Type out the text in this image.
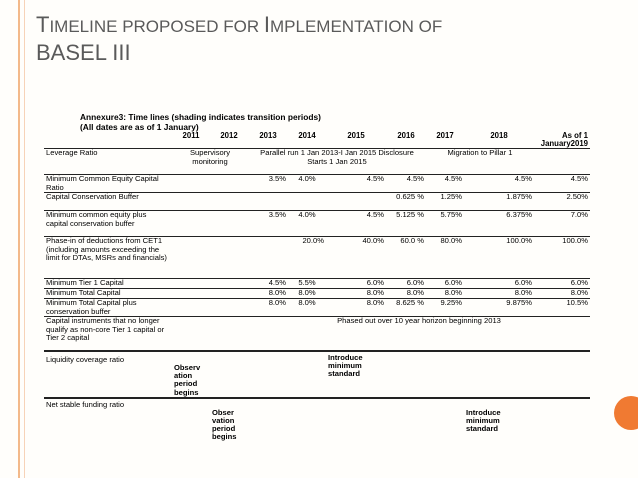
TIMELINE PROPOSED FOR IMPLEMENTATION OF
BASEL III
Annexure3: Time lines (shading indicates transition periods)
(All dates are as of 1 January)
	2011	2012	2013	2014	2015	2016	2017	2018	As of 1 January2019
Leverage Ratio	Supervisory monitoring		Parallel run 1 Jan 2013-I Jan 2015 Disclosure Starts 1 Jan 2015				Migration to Pillar 1		
Minimum Common Equity Capital Ratio			3.5%	4.0%	4.5%	4.5%	4.5%	4.5%	4.5%
Capital Conservation Buffer						0.625 %	1.25%	1.875%	2.50%
Minimum common equity plus capital conservation buffer			3.5%	4.0%	4.5%	5.125 %	5.75%	6.375%	7.0%
Phase-in of deductions from CET1 (including amounts exceeding the limit for DTAs, MSRs and financials)				20.0%	40.0%	60.0 %	80.0%	100.0%	100.0%
Minimum Tier 1 Capital			4.5%	5.5%	6.0%	6.0%	6.0%	6.0%	6.0%
Minimum Total Capital			8.0%	8.0%	8.0%	8.0%	8.0%	8.0%	8.0%
Minimum Total Capital plus conservation buffer			8.0%	8.0%	8.0%	8.625 %	9.25%	9.875%	10.5%
Capital instruments that no longer qualify as non-core Tier 1 capital or Tier 2 capital			Phased out over 10 year horizon beginning 2013						
Liquidity coverage ratio	Observ ation period begins				Introduce minimum standard				
Net stable funding ratio		Obser vation period begins						Introduce minimum standard	
